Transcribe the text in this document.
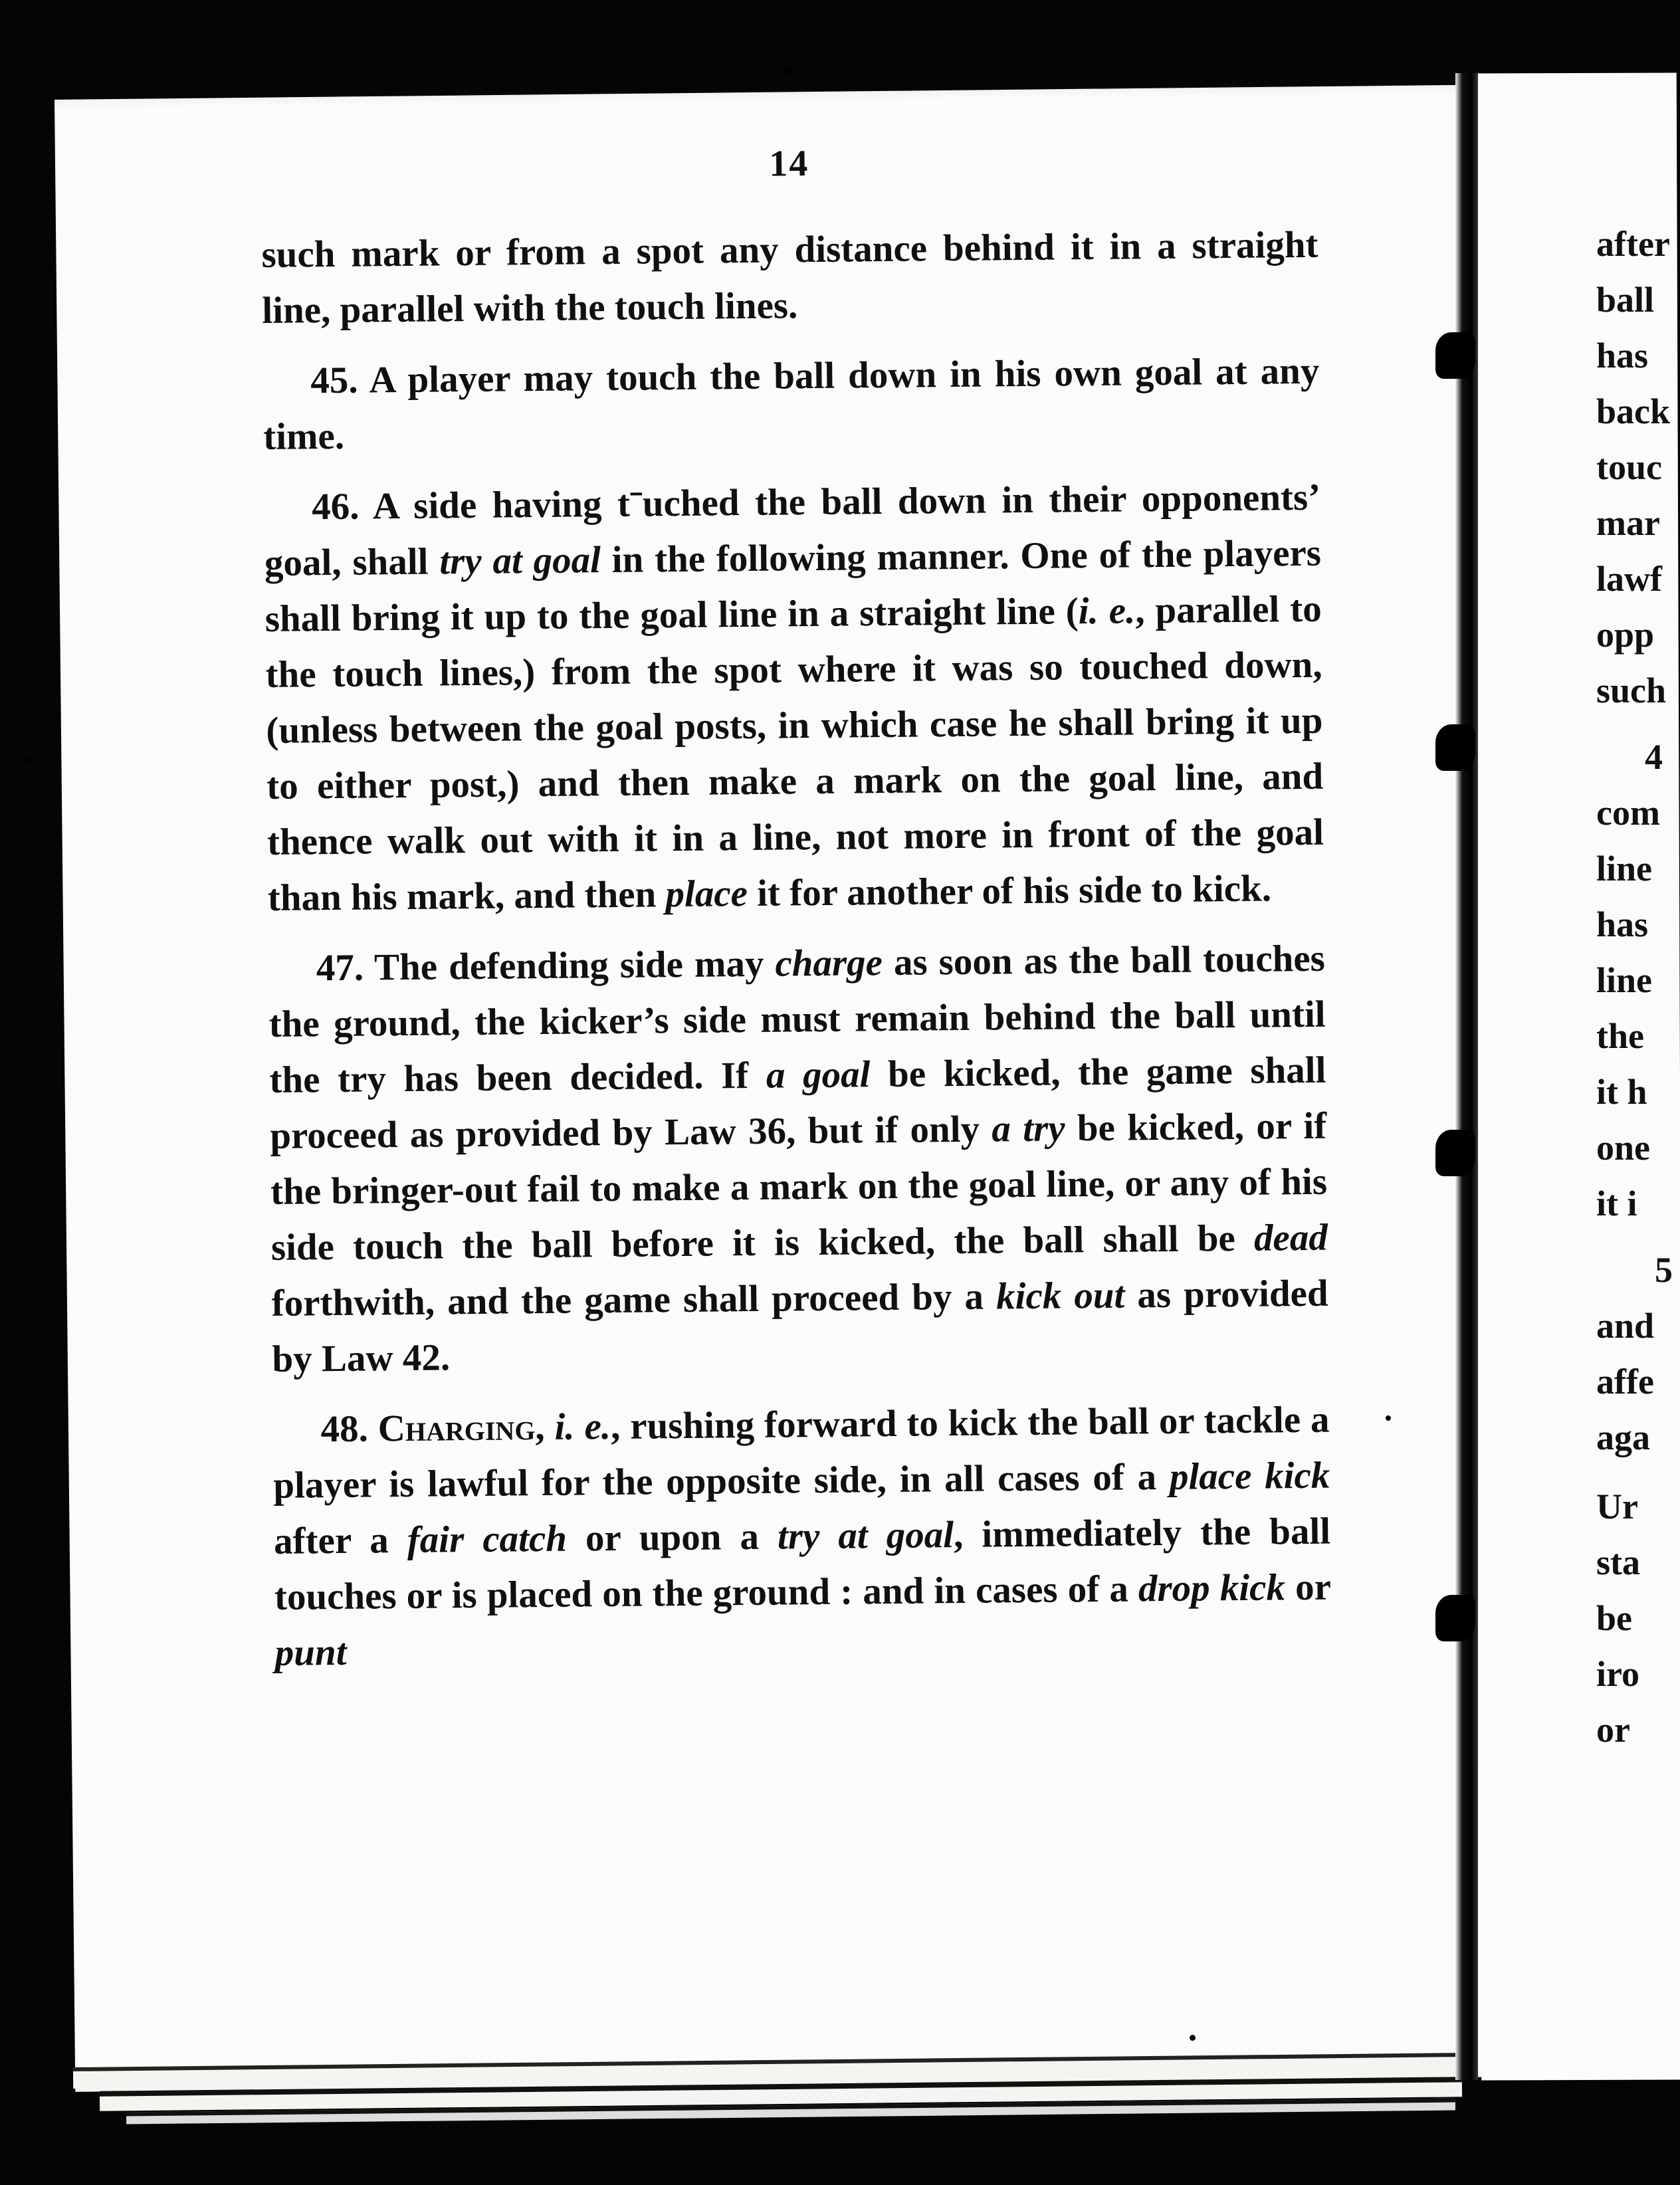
after
ball
has
back
touc
mar
lawf
opp
such
4
com
line
has
line
the
it h
one
it i
5
and
affe
aga
Ur
sta
be
iro
or
14

such mark or from a spot any distance behind it in a straight line, parallel with the touch lines.

45. A player may touch the ball down in his own goal at any time.

46. A side having tˉuched the ball down in their opponents’ goal, shall try at goal in the following manner. One of the players shall bring it up to the goal line in a straight line (i. e., parallel to the touch lines,) from the spot where it was so touched down, (unless between the goal posts, in which case he shall bring it up to either post,) and then make a mark on the goal line, and thence walk out with it in a line, not more in front of the goal than his mark, and then place it for another of his side to kick.

47. The defending side may charge as soon as the ball touches the ground, the kicker’s side must remain behind the ball until the try has been decided. If a goal be kicked, the game shall proceed as provided by Law 36, but if only a try be kicked, or if the bringer-out fail to make a mark on the goal line, or any of his side touch the ball before it is kicked, the ball shall be dead forthwith, and the game shall proceed by a kick out as provided by Law 42.

48. Charging, i. e., rushing forward to kick the ball or tackle a player is lawful for the opposite side, in all cases of a place kick after a fair catch or upon a try at goal, immediately the ball touches or is placed on the ground : and in cases of a drop kick or punt
